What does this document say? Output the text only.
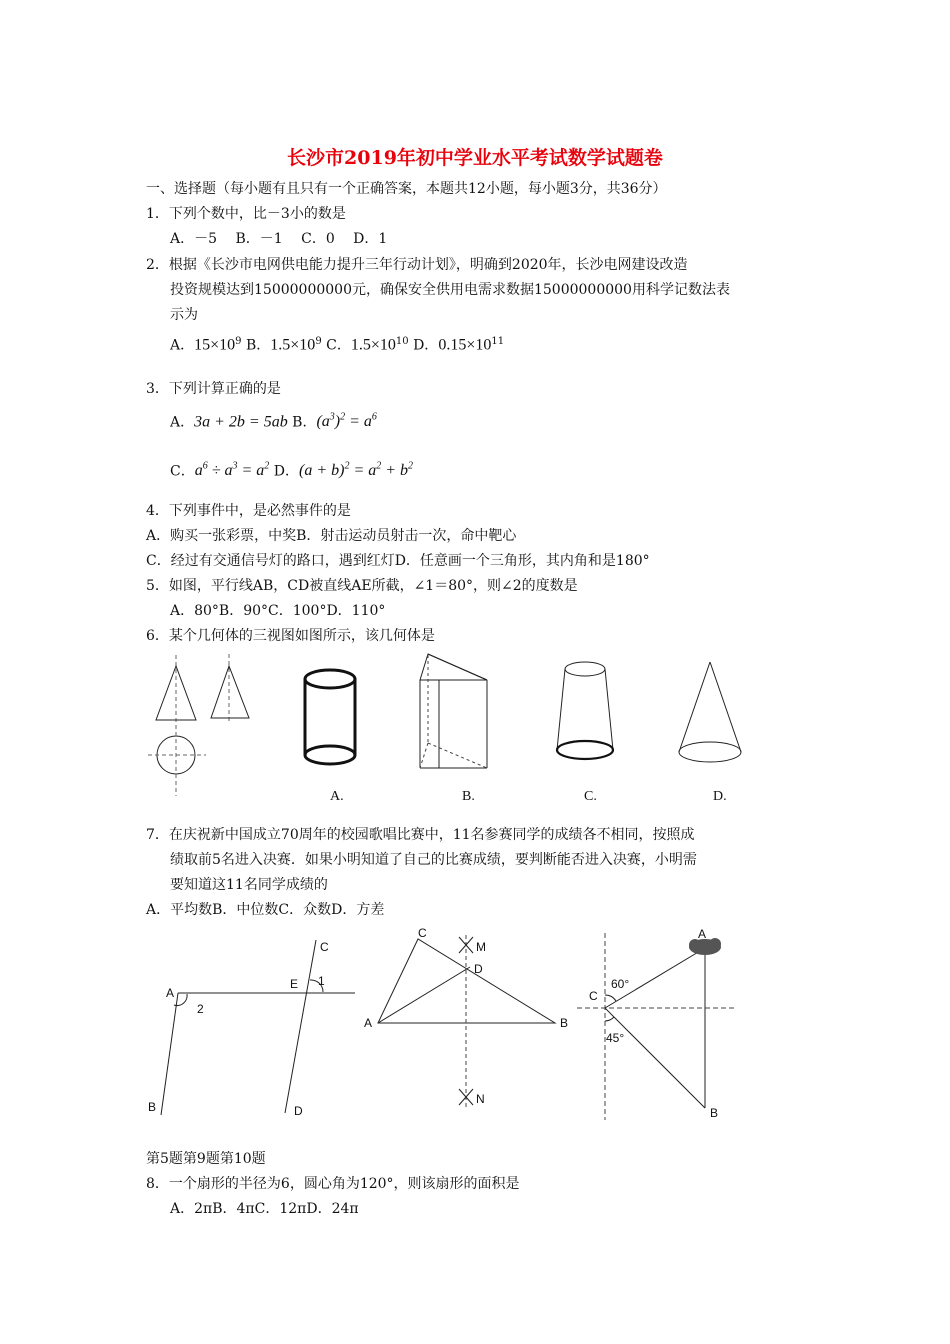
长沙市2019年初中学业水平考试数学试题卷
一、选择题（每小题有且只有一个正确答案，本题共12小题，每小题3分，共36分）
1．下列个数中，比－3小的数是
A．－5　 B．－1　 C．0　 D．1
2．根据《长沙市电网供电能力提升三年行动计划》，明确到2020年，长沙电网建设改造
投资规模达到15000000000元，确保安全供用电需求数据15000000000用科学记数法表
示为
A．$15\times 10^9$ B．$1.5\times 10^9$ C．$1.5\times 10^{10}$ D．$0.15\times 10^{11}$
3．下列计算正确的是
A．3a + 2b = 5ab B．$(a^3)^2 = a^6$
C．$a^6 \div a^3 = a^2$ D．$(a + b)^2 = a^2 + b^2$
4．下列事件中，是必然事件的是
A．购买一张彩票，中奖B．射击运动员射击一次，命中靶心
C．经过有交通信号灯的路口，遇到红灯D．任意画一个三角形，其内角和是180°
5．如图，平行线AB，CD被直线AE所截，∠1＝80°，则∠2的度数是
A．80°B．90°C．100°D．110°
6．某个几何体的三视图如图所示，该几何体是
A.	B.	C.	D.
7．在庆祝新中国成立70周年的校园歌唱比赛中，11名参赛同学的成绩各不相同，按照成
绩取前5名进入决赛．如果小明知道了自己的比赛成绩，要判断能否进入决赛，小明需
要知道这11名同学成绩的
A．平均数B．中位数C．众数D．方差
A
B
C
D
E 1
2
C
A	B
D
M
N
A
B
C
60°
45°
第5题第9题第10题
8．一个扇形的半径为6，圆心角为120°，则该扇形的面积是
A．2πB．4πC．12πD．24π
